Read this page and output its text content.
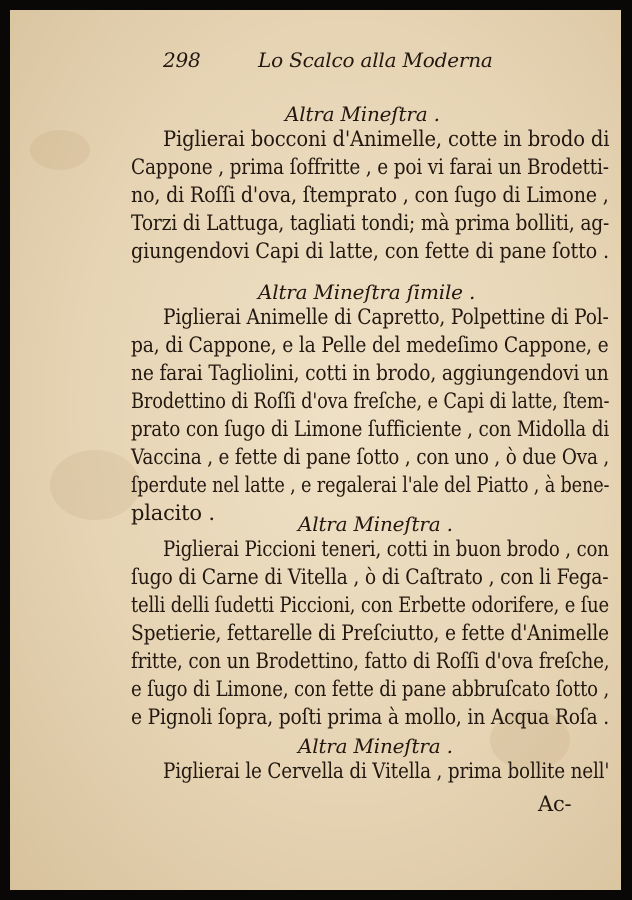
298	Lo Scalco alla Moderna
Altra Mineſtra .
Piglierai bocconi d'Animelle, cotte in brodo di
Cappone , prima ſoffritte , e poi vi farai un Brodetti-
no, di Roſſi d'ova, ſtemprato , con ſugo di Limone ,
Torzi di Lattuga, tagliati tondi; mà prima bolliti, ag-
giungendovi Capi di latte, con fette di pane ſotto .
Altra Mineſtra ſimile .
Piglierai Animelle di Capretto, Polpettine di Pol-
pa, di Cappone, e la Pelle del medeſimo Cappone, e
ne farai Tagliolini, cotti in brodo, aggiungendovi un
Brodettino di Roſſi d'ova freſche, e Capi di latte, ſtem-
prato con ſugo di Limone ſufficiente , con Midolla di
Vaccina , e fette di pane ſotto , con uno , ò due Ova ,
ſperdute nel latte , e regalerai l'ale del Piatto , à bene-
placito .	Altra Mineſtra .
Piglierai Piccioni teneri, cotti in buon brodo , con
ſugo di Carne di Vitella , ò di Caſtrato , con li Fega-
telli delli ſudetti Piccioni, con Erbette odorifere, e ſue
Spetierie, fettarelle di Preſciutto, e fette d'Animelle
fritte, con un Brodettino, fatto di Roſſi d'ova freſche,
e ſugo di Limone, con fette di pane abbruſcato ſotto ,
e Pignoli ſopra, poſti prima à mollo, in Acqua Roſa .
Altra Mineſtra .
Piglierai le Cervella di Vitella , prima bollite nell'
Ac-
